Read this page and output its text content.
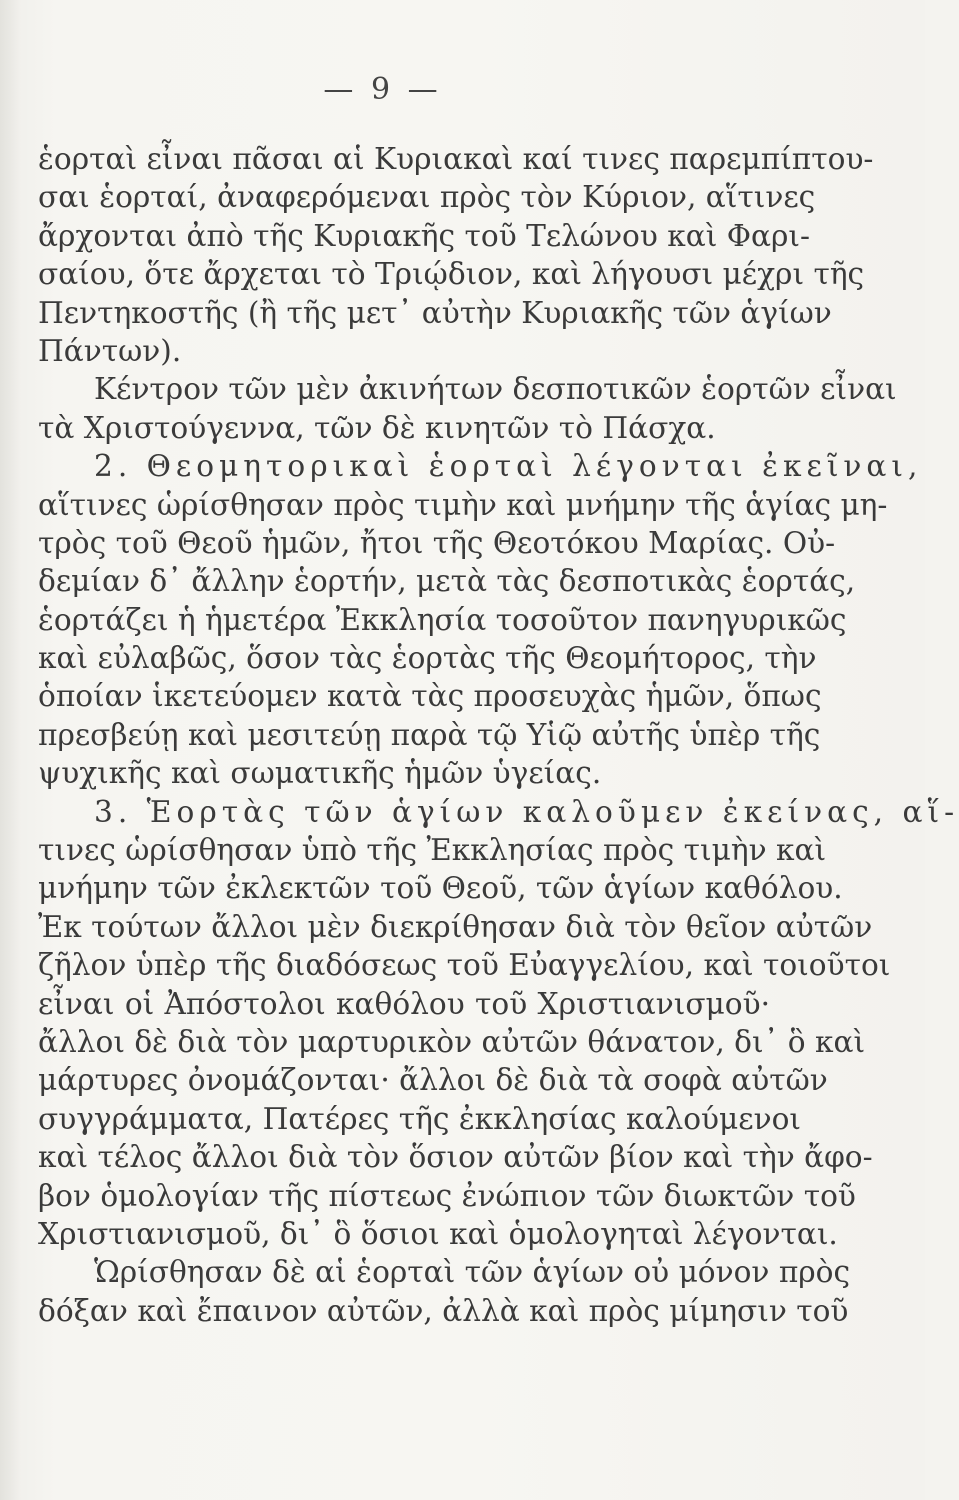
— 9 —
ἑορταὶ εἶναι πᾶσαι αἱ Κυριακαὶ καί τινες παρεμπίπτου-
σαι ἑορταί, ἀναφερόμεναι πρὸς τὸν Κύριον, αἵτινες
ἄρχονται ἀπὸ τῆς Κυριακῆς τοῦ Τελώνου καὶ Φαρι-
σαίου, ὅτε ἄρχεται τὸ Τριῴδιον, καὶ λήγουσι μέχρι τῆς
Πεντηκοστῆς (ἢ τῆς μετ᾽ αὐτὴν Κυριακῆς τῶν ἁγίων
Πάντων).
Κέντρον τῶν μὲν ἀκινήτων δεσποτικῶν ἑορτῶν εἶναι
τὰ Χριστούγεννα, τῶν δὲ κινητῶν τὸ Πάσχα.
2. Θεομητορικαὶ ἑορταὶ λέγονται ἐκεῖναι,
αἵτινες ὡρίσθησαν πρὸς τιμὴν καὶ μνήμην τῆς ἁγίας μη-
τρὸς τοῦ Θεοῦ ἡμῶν, ἤτοι τῆς Θεοτόκου Μαρίας. Οὐ-
δεμίαν δ᾽ ἄλλην ἑορτήν, μετὰ τὰς δεσποτικὰς ἑορτάς,
ἑορτάζει ἡ ἡμετέρα Ἐκκλησία τοσοῦτον πανηγυρικῶς
καὶ εὐλαβῶς, ὅσον τὰς ἑορτὰς τῆς Θεομήτορος, τὴν
ὁποίαν ἱκετεύομεν κατὰ τὰς προσευχὰς ἡμῶν, ὅπως
πρεσβεύῃ καὶ μεσιτεύῃ παρὰ τῷ Υἱῷ αὐτῆς ὑπὲρ τῆς
ψυχικῆς καὶ σωματικῆς ἡμῶν ὑγείας.
3. Ἑορτὰς τῶν ἁγίων καλοῦμεν ἐκείνας, αἵ-
τινες ὡρίσθησαν ὑπὸ τῆς Ἐκκλησίας πρὸς τιμὴν καὶ
μνήμην τῶν ἐκλεκτῶν τοῦ Θεοῦ, τῶν ἁγίων καθόλου.
Ἐκ τούτων ἄλλοι μὲν διεκρίθησαν διὰ τὸν θεῖον αὐτῶν
ζῆλον ὑπὲρ τῆς διαδόσεως τοῦ Εὐαγγελίου, καὶ τοιοῦτοι
εἶναι οἱ Ἀπόστολοι καθόλου τοῦ Χριστιανισμοῦ·
ἄλλοι δὲ διὰ τὸν μαρτυρικὸν αὐτῶν θάνατον, δι᾽ ὃ καὶ
μάρτυρες ὀνομάζονται· ἄλλοι δὲ διὰ τὰ σοφὰ αὐτῶν
συγγράμματα, Πατέρες τῆς ἐκκλησίας καλούμενοι
καὶ τέλος ἄλλοι διὰ τὸν ὅσιον αὐτῶν βίον καὶ τὴν ἄφο-
βον ὁμολογίαν τῆς πίστεως ἐνώπιον τῶν διωκτῶν τοῦ
Χριστιανισμοῦ, δι᾽ ὃ ὅσιοι καὶ ὁμολογηταὶ λέγονται.
Ὡρίσθησαν δὲ αἱ ἑορταὶ τῶν ἁγίων οὐ μόνον πρὸς
δόξαν καὶ ἔπαινον αὐτῶν, ἀλλὰ καὶ πρὸς μίμησιν τοῦ
